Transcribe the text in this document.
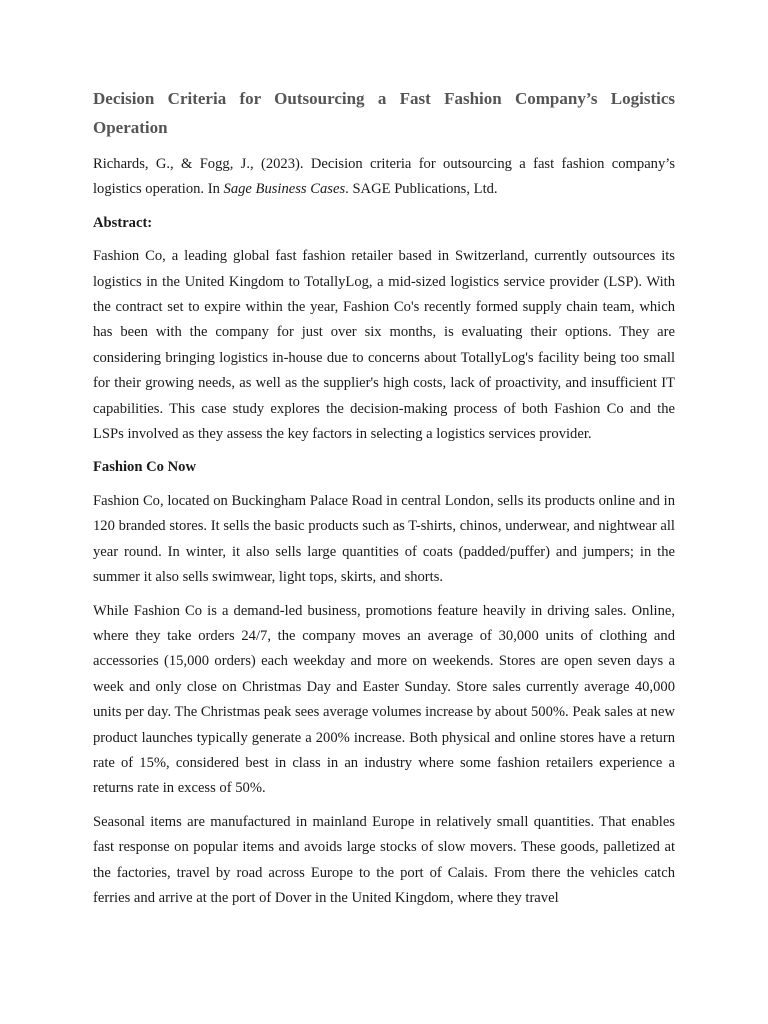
Decision Criteria for Outsourcing a Fast Fashion Company’s Logistics Operation

Richards, G., & Fogg, J., (2023). Decision criteria for outsourcing a fast fashion company’s logistics operation. In Sage Business Cases. SAGE Publications, Ltd.

Abstract:

Fashion Co, a leading global fast fashion retailer based in Switzerland, currently outsources its logistics in the United Kingdom to TotallyLog, a mid-sized logistics service provider (LSP). With the contract set to expire within the year, Fashion Co's recently formed supply chain team, which has been with the company for just over six months, is evaluating their options. They are considering bringing logistics in-house due to concerns about TotallyLog's facility being too small for their growing needs, as well as the supplier's high costs, lack of proactivity, and insufficient IT capabilities. This case study explores the decision-making process of both Fashion Co and the LSPs involved as they assess the key factors in selecting a logistics services provider.

Fashion Co Now

Fashion Co, located on Buckingham Palace Road in central London, sells its products online and in 120 branded stores. It sells the basic products such as T-shirts, chinos, underwear, and nightwear all year round. In winter, it also sells large quantities of coats (padded/puffer) and jumpers; in the summer it also sells swimwear, light tops, skirts, and shorts.

While Fashion Co is a demand-led business, promotions feature heavily in driving sales. Online, where they take orders 24/7, the company moves an average of 30,000 units of clothing and accessories (15,000 orders) each weekday and more on weekends. Stores are open seven days a week and only close on Christmas Day and Easter Sunday. Store sales currently average 40,000 units per day. The Christmas peak sees average volumes increase by about 500%. Peak sales at new product launches typically generate a 200% increase. Both physical and online stores have a return rate of 15%, considered best in class in an industry where some fashion retailers experience a returns rate in excess of 50%.

Seasonal items are manufactured in mainland Europe in relatively small quantities. That enables fast response on popular items and avoids large stocks of slow movers. These goods, palletized at the factories, travel by road across Europe to the port of Calais. From there the vehicles catch ferries and arrive at the port of Dover in the United Kingdom, where they travel
